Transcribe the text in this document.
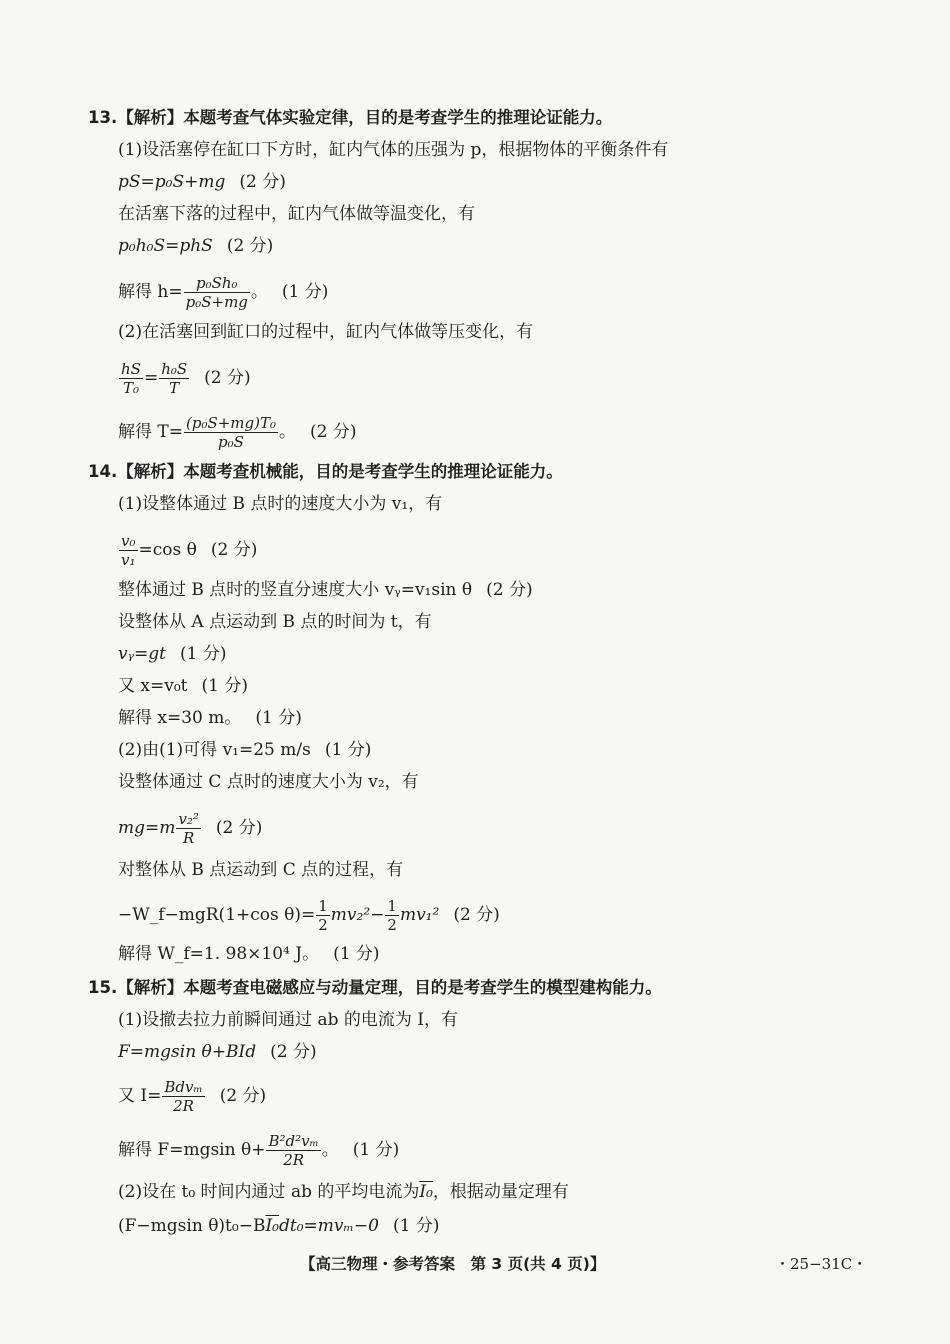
13.【解析】本题考查气体实验定律，目的是考查学生的推理论证能力。
(1)设活塞停在缸口下方时，缸内气体的压强为 p，根据物体的平衡条件有
pS=p₀S+mg (2 分)
在活塞下落的过程中，缸内气体做等温变化，有
p₀h₀S=phS (2 分)
解得 $h= \frac{\text{p₀Sh₀}}{\text{p₀S+mg}}$ 。 (1 分)
(2)在活塞回到缸口的过程中，缸内气体做等压变化，有
$\frac{hS}{\text{T₀}} = \frac{\text{h₀S}}{T} (2$ 分)
解得 $T= \frac{\text{(p₀S+mg)T₀}}{\text{p₀S}}$ 。 (2 分)
14.【解析】本题考查机械能，目的是考查学生的推理论证能力。
(1)设整体通过 B 点时的速度大小为 v₁，有
$\frac{\text{v₀}}{\text{v₁}} =\cos$ θ (2 分)
整体通过 B 点时的竖直分速度大小 vᵧ=v₁sin θ (2 分)
设整体从 A 点运动到 B 点的时间为 t，有
vᵧ=gt (1 分)
又 x=v₀t (1 分)
解得 x=30 m。 (1 分)
(2)由(1)可得 v₁=25 m/s (1 分)
设整体通过 C 点时的速度大小为 v₂，有
$mg=m \frac{\text{v₂²}}{R} (2$ 分)
对整体从 B 点运动到 C 点的过程，有
−W_f−mgR(1+cos $\theta)= \frac{1}{2} mv_2^2- \frac{1}{2} mv_1^2$ (2 分)
解得 W_f=1. 98×10⁴ J。 (1 分)
15.【解析】本题考查电磁感应与动量定理，目的是考查学生的模型建构能力。
(1)设撤去拉力前瞬间通过 ab 的电流为 I，有
F=mgsin θ+BId (2 分)
又 $I= \frac{\text{Bdvₘ}}{2R} (2$ 分)
解得 F=mgsin $\theta+ \frac{\text{B²d²vₘ}}{2R}$ 。 (1 分)
(2)设在 t₀ 时间内通过 ab 的平均电流为I₀，根据动量定理有
(F−mgsin θ)t₀−BI₀dt₀=mvₘ−0 (1 分)
【高三物理・参考答案　第 3 页(共 4 页)】	・25−31C・
